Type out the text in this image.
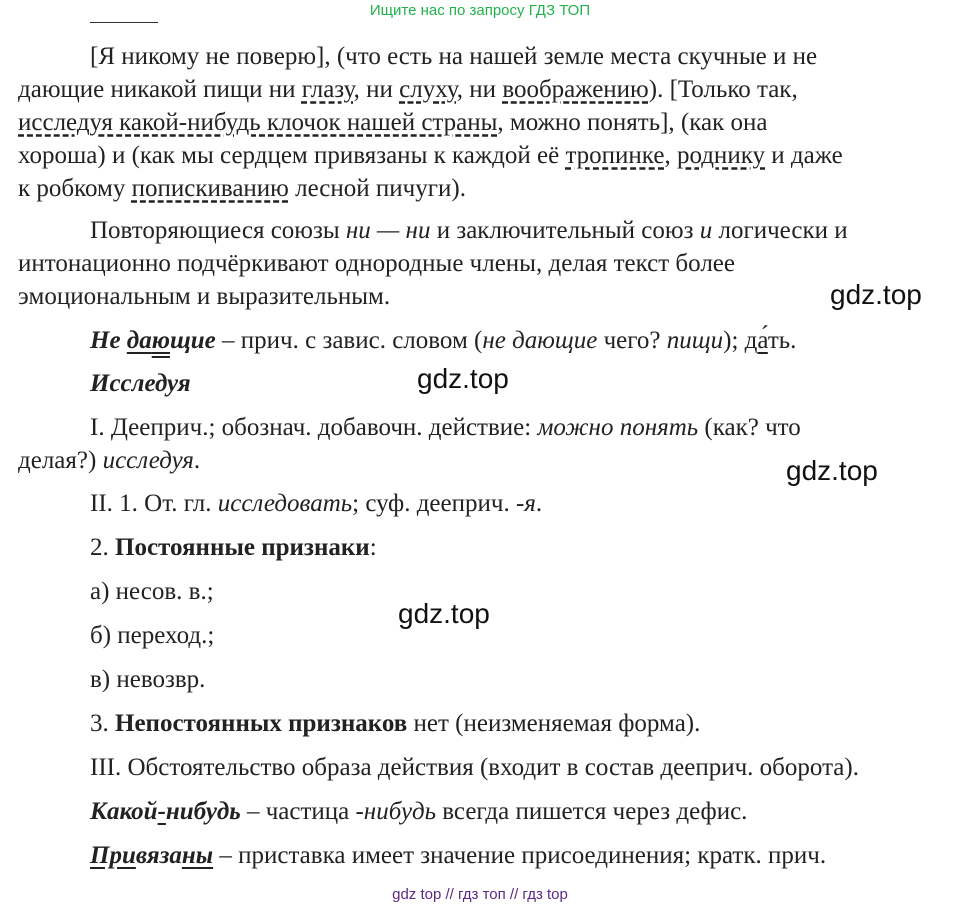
Ищите нас по запросу ГДЗ ТОП
[Я никому не поверю], (что есть на нашей земле места скучные и не
дающие никакой пищи ни глазу, ни слуху, ни воображению). [Только так,
исследуя какой-нибудь клочок нашей страны, можно понять], (как она
хороша) и (как мы сердцем привязаны к каждой её тропинке, роднику и даже
к робкому попискиванию лесной пичуги).
Повторяющиеся союзы ни — ни и заключительный союз и логически и
интонационно подчёркивают однородные члены, делая текст более
эмоциональным и выразительным.
Не дающие – прич. с завис. словом (не дающие чего? пищи); да́ть.
Исследуя
I. Дееприч.; обознач. добавочн. действие: можно понять (как? что
делая?) исследуя.
II. 1. От. гл. исследовать; суф. дееприч. -я.
2. Постоянные признаки:
а) несов. в.;
б) переход.;
в) невозвр.
3. Непостоянных признаков нет (неизменяемая форма).
III. Обстоятельство образа действия (входит в состав дееприч. оборота).
Какой-нибудь – частица -нибудь всегда пишется через дефис.
Привязаны – приставка имеет значение присоединения; кратк. прич.
gdz.top
gdz.top
gdz.top
gdz.top
gdz top // гдз топ // гдз top
